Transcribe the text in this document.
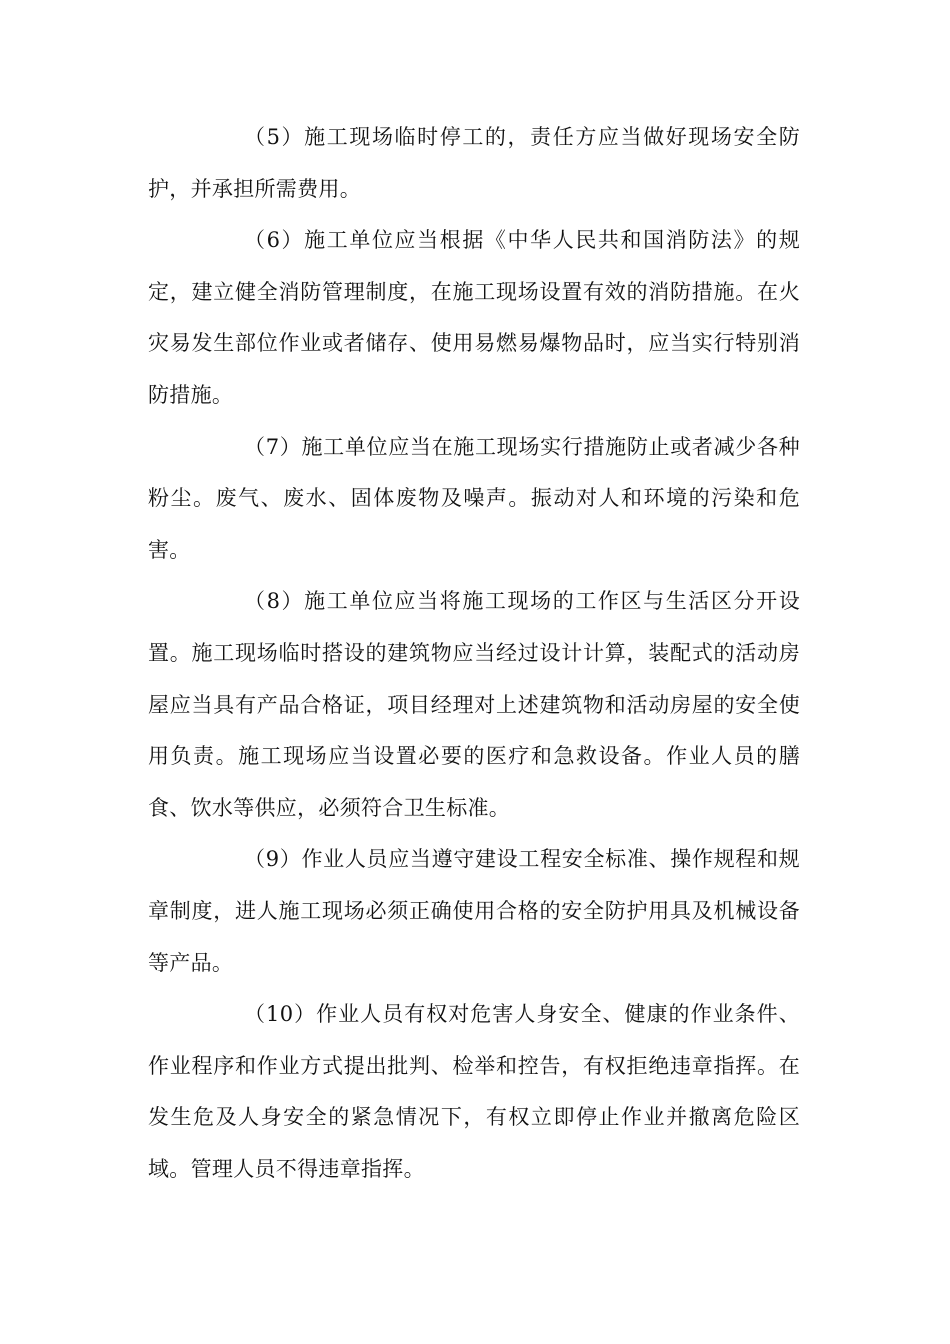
（5）施工现场临时停工的，责任方应当做好现场安全防护，并承担所需费用。

（6）施工单位应当根据《中华人民共和国消防法》的规定，建立健全消防管理制度，在施工现场设置有效的消防措施。在火灾易发生部位作业或者储存、使用易燃易爆物品时，应当实行特别消防措施。

（7）施工单位应当在施工现场实行措施防止或者减少各种粉尘。废气、废水、固体废物及噪声。振动对人和环境的污染和危害。

（8）施工单位应当将施工现场的工作区与生活区分开设置。施工现场临时搭设的建筑物应当经过设计计算，装配式的活动房屋应当具有产品合格证，项目经理对上述建筑物和活动房屋的安全使用负责。施工现场应当设置必要的医疗和急救设备。作业人员的膳食、饮水等供应，必须符合卫生标准。

（9）作业人员应当遵守建设工程安全标准、操作规程和规章制度，进人施工现场必须正确使用合格的安全防护用具及机械设备等产品。

（10）作业人员有权对危害人身安全、健康的作业条件、作业程序和作业方式提出批判、检举和控告，有权拒绝违章指挥。在发生危及人身安全的紧急情况下，有权立即停止作业并撤离危险区域。管理人员不得违章指挥。
